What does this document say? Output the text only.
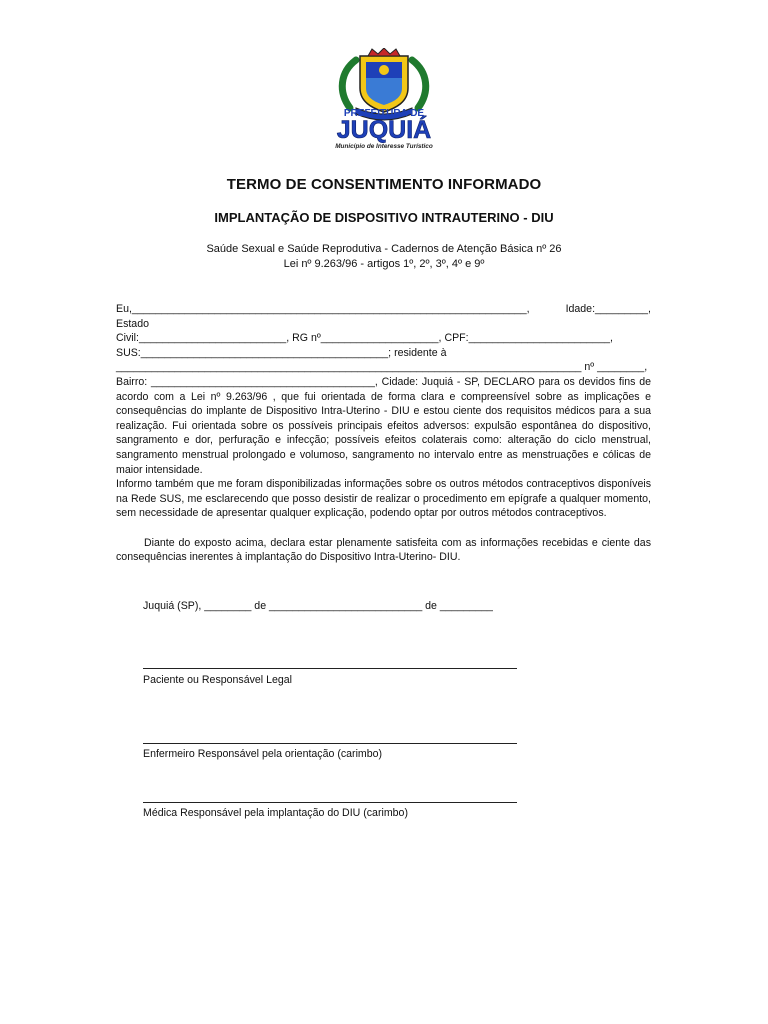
PREFEITURA DE
JUQUIÁ
Município de Interesse Turístico
TERMO DE CONSENTIMENTO INFORMADO
IMPLANTAÇÃO DE DISPOSITIVO INTRAUTERINO - DIU
Saúde Sexual e Saúde Reprodutiva - Cadernos de Atenção Básica nº 26
Lei nº 9.263/96 - artigos 1º, 2º, 3º, 4º e 9º
Eu,___________________________________________________________________, Idade:_________, Estado
Civil:_________________________, RG nº____________________, CPF:________________________,
SUS:__________________________________________; residente à
_______________________________________________________________________________ nº ________,

Bairro: ______________________________________, Cidade: Juquiá - SP, DECLARO para os devidos fins de acordo com a Lei nº 9.263/96 , que fui orientada de forma clara e compreensível sobre as implicações e consequências do implante de Dispositivo Intra-Uterino - DIU e estou ciente dos requisitos médicos para a sua realização. Fui orientada sobre os possíveis principais efeitos adversos: expulsão espontânea do dispositivo, sangramento e dor, perfuração e infecção; possíveis efeitos colaterais como: alteração do ciclo menstrual, sangramento menstrual prolongado e volumoso, sangramento no intervalo entre as menstruações e cólicas de maior intensidade.

Informo também que me foram disponibilizadas informações sobre os outros métodos contraceptivos disponíveis na Rede SUS, me esclarecendo que posso desistir de realizar o procedimento em epígrafe a qualquer momento, sem necessidade de apresentar qualquer explicação, podendo optar por outros métodos contraceptivos.

Diante do exposto acima, declara estar plenamente satisfeita com as informações recebidas e ciente das consequências inerentes à implantação do Dispositivo Intra-Uterino- DIU.

Juquiá (SP), ________ de __________________________ de _________
Paciente ou Responsável Legal
Enfermeiro Responsável pela orientação (carimbo)
Médica Responsável pela implantação do DIU (carimbo)
